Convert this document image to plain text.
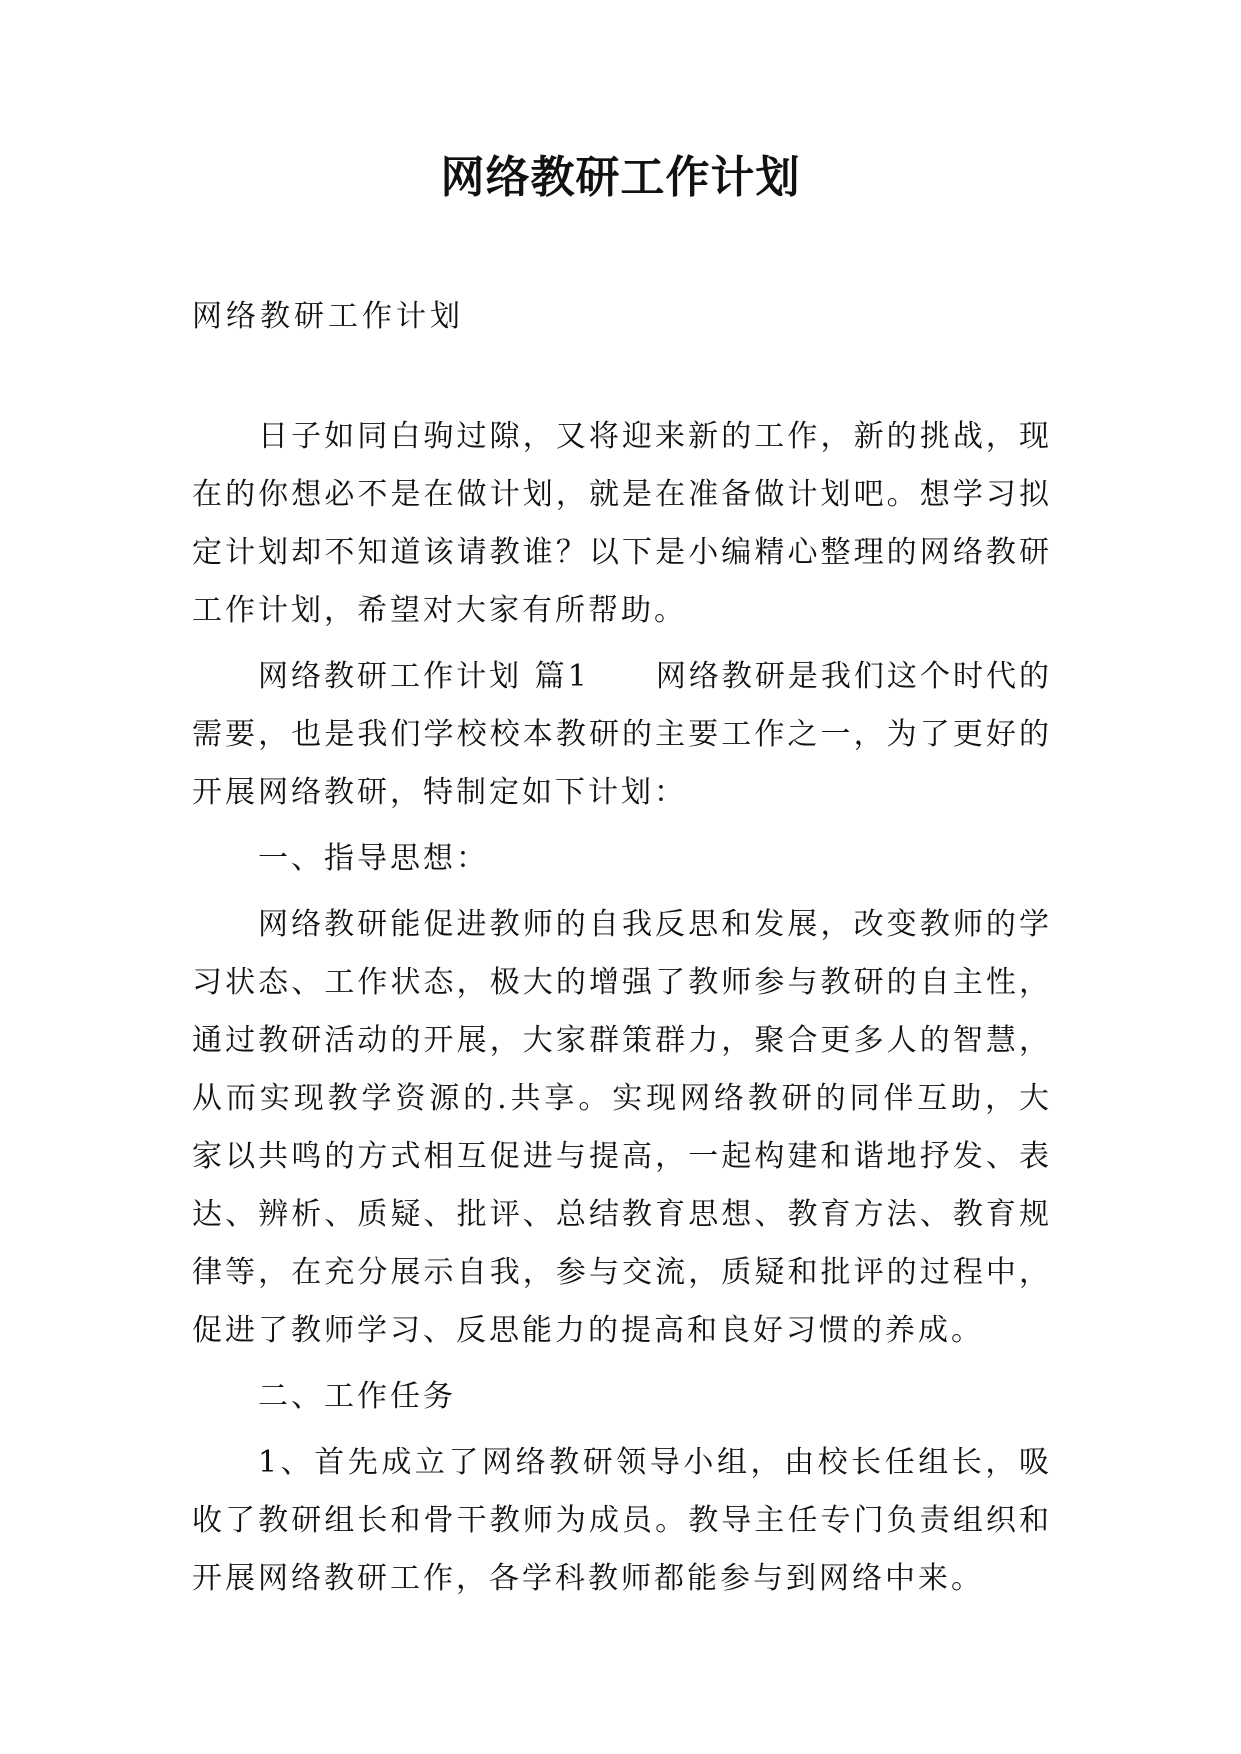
网络教研工作计划

网络教研工作计划

日子如同白驹过隙，又将迎来新的工作，新的挑战，现在的你想必不是在做计划，就是在准备做计划吧。想学习拟定计划却不知道该请教谁？以下是小编精心整理的网络教研工作计划，希望对大家有所帮助。

网络教研工作计划 篇1　　网络教研是我们这个时代的需要，也是我们学校校本教研的主要工作之一，为了更好的开展网络教研，特制定如下计划：

一、指导思想：

网络教研能促进教师的自我反思和发展，改变教师的学习状态、工作状态，极大的增强了教师参与教研的自主性，通过教研活动的开展，大家群策群力，聚合更多人的智慧，从而实现教学资源的.共享。实现网络教研的同伴互助，大家以共鸣的方式相互促进与提高，一起构建和谐地抒发、表达、辨析、质疑、批评、总结教育思想、教育方法、教育规律等，在充分展示自我，参与交流，质疑和批评的过程中，促进了教师学习、反思能力的提高和良好习惯的养成。

二、工作任务

1、首先成立了网络教研领导小组，由校长任组长，吸收了教研组长和骨干教师为成员。教导主任专门负责组织和开展网络教研工作，各学科教师都能参与到网络中来。
